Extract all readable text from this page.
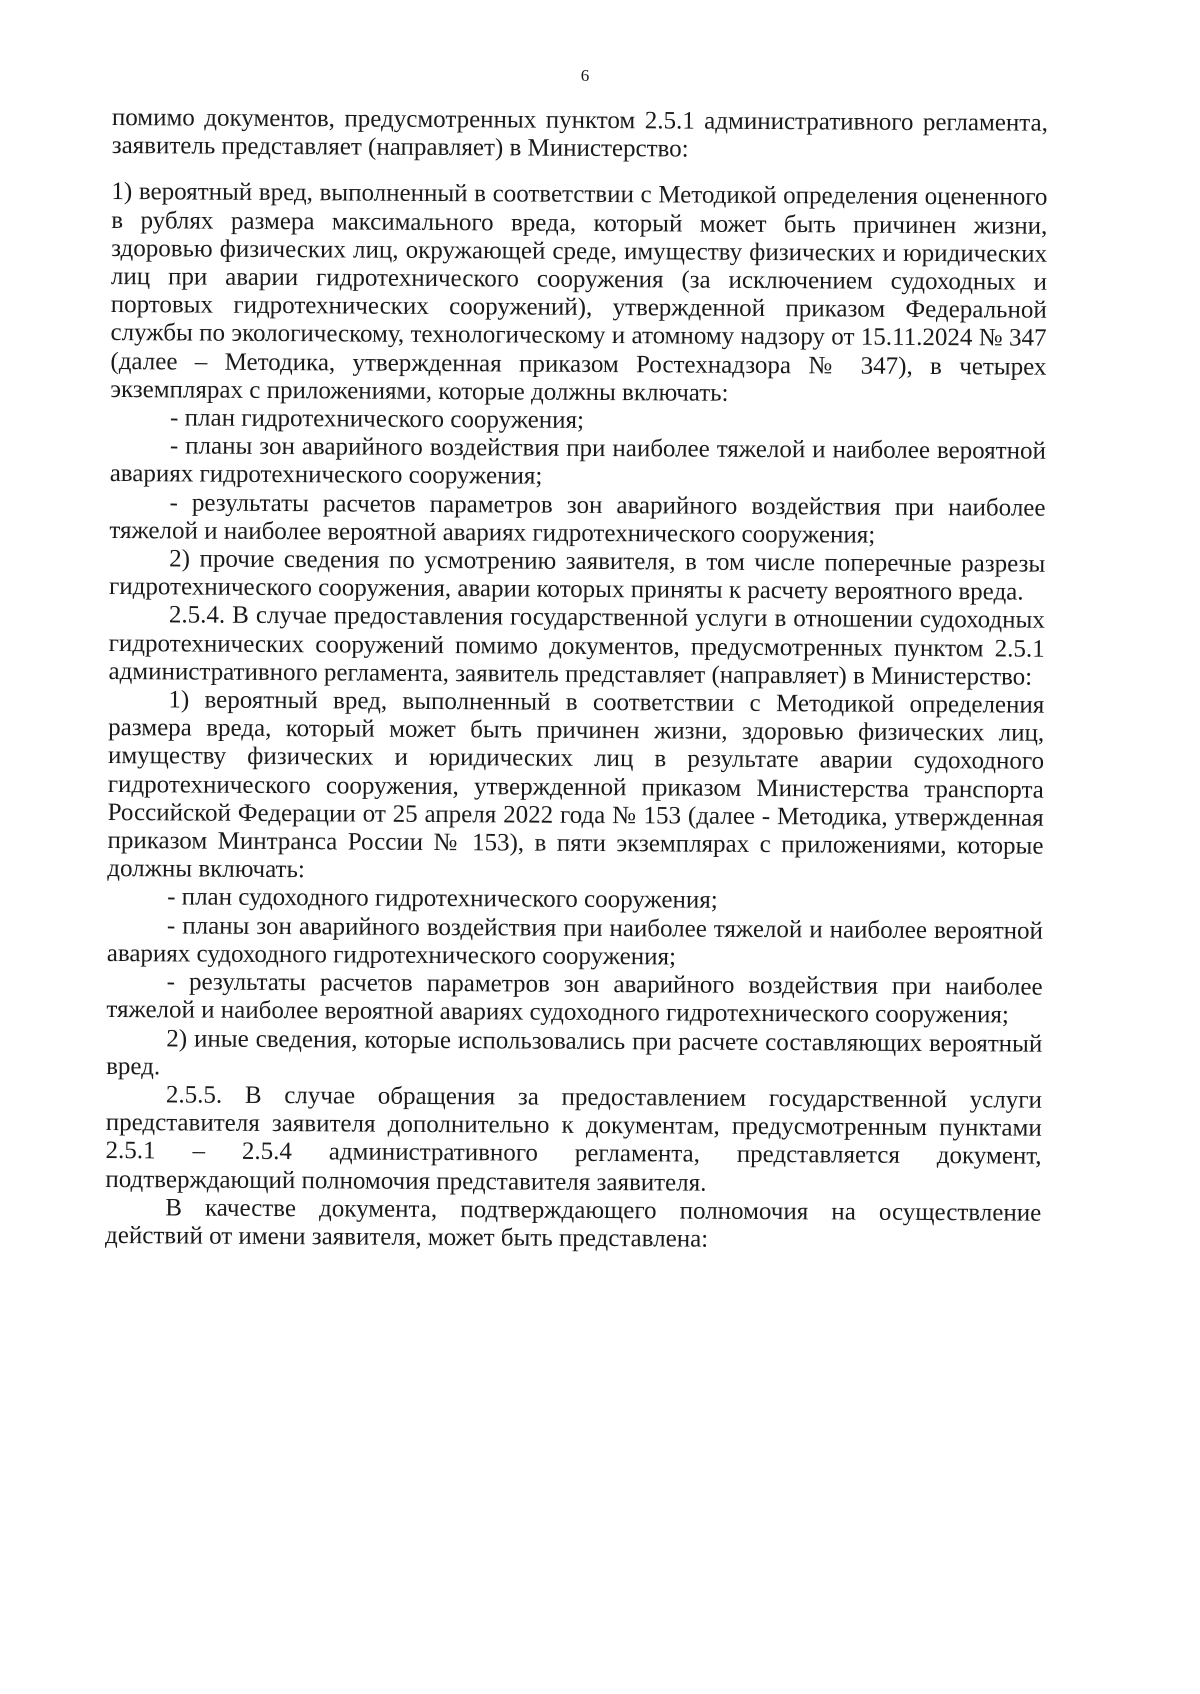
6

помимо документов, предусмотренных пунктом 2.5.1 административного регламента, заявитель представляет (направляет) в Министерство:

1) вероятный вред, выполненный в соответствии с Методикой определения оцененного в рублях размера максимального вреда, который может быть причинен жизни, здоровью физических лиц, окружающей среде, имуществу физических и юридических лиц при аварии гидротехнического сооружения (за исключением судоходных и портовых гидротехнических сооружений), утвержденной приказом Федеральной службы по экологическому, технологическому и атомному надзору от 15.11.2024 № 347 (далее – Методика, утвержденная приказом Ростехнадзора № 347), в четырех экземплярах с приложениями, которые должны включать:

- план гидротехнического сооружения;

- планы зон аварийного воздействия при наиболее тяжелой и наиболее вероятной авариях гидротехнического сооружения;

- результаты расчетов параметров зон аварийного воздействия при наиболее тяжелой и наиболее вероятной авариях гидротехнического сооружения;

2) прочие сведения по усмотрению заявителя, в том числе поперечные разрезы гидротехнического сооружения, аварии которых приняты к расчету вероятного вреда.

2.5.4. В случае предоставления государственной услуги в отношении судоходных гидротехнических сооружений помимо документов, предусмотренных пунктом 2.5.1 административного регламента, заявитель представляет (направляет) в Министерство:

1) вероятный вред, выполненный в соответствии с Методикой определения размера вреда, который может быть причинен жизни, здоровью физических лиц, имуществу физических и юридических лиц в результате аварии судоходного гидротехнического сооружения, утвержденной приказом Министерства транспорта Российской Федерации от 25 апреля 2022 года № 153 (далее - Методика, утвержденная приказом Минтранса России № 153), в пяти экземплярах с приложениями, которые должны включать:

- план судоходного гидротехнического сооружения;

- планы зон аварийного воздействия при наиболее тяжелой и наиболее вероятной авариях судоходного гидротехнического сооружения;

- результаты расчетов параметров зон аварийного воздействия при наиболее тяжелой и наиболее вероятной авариях судоходного гидротехнического сооружения;

2) иные сведения, которые использовались при расчете составляющих вероятный вред.

2.5.5. В случае обращения за предоставлением государственной услуги представителя заявителя дополнительно к документам, предусмотренным пунктами 2.5.1 – 2.5.4 административного регламента, представляется документ, подтверждающий полномочия представителя заявителя.

В качестве документа, подтверждающего полномочия на осуществление действий от имени заявителя, может быть представлена:
